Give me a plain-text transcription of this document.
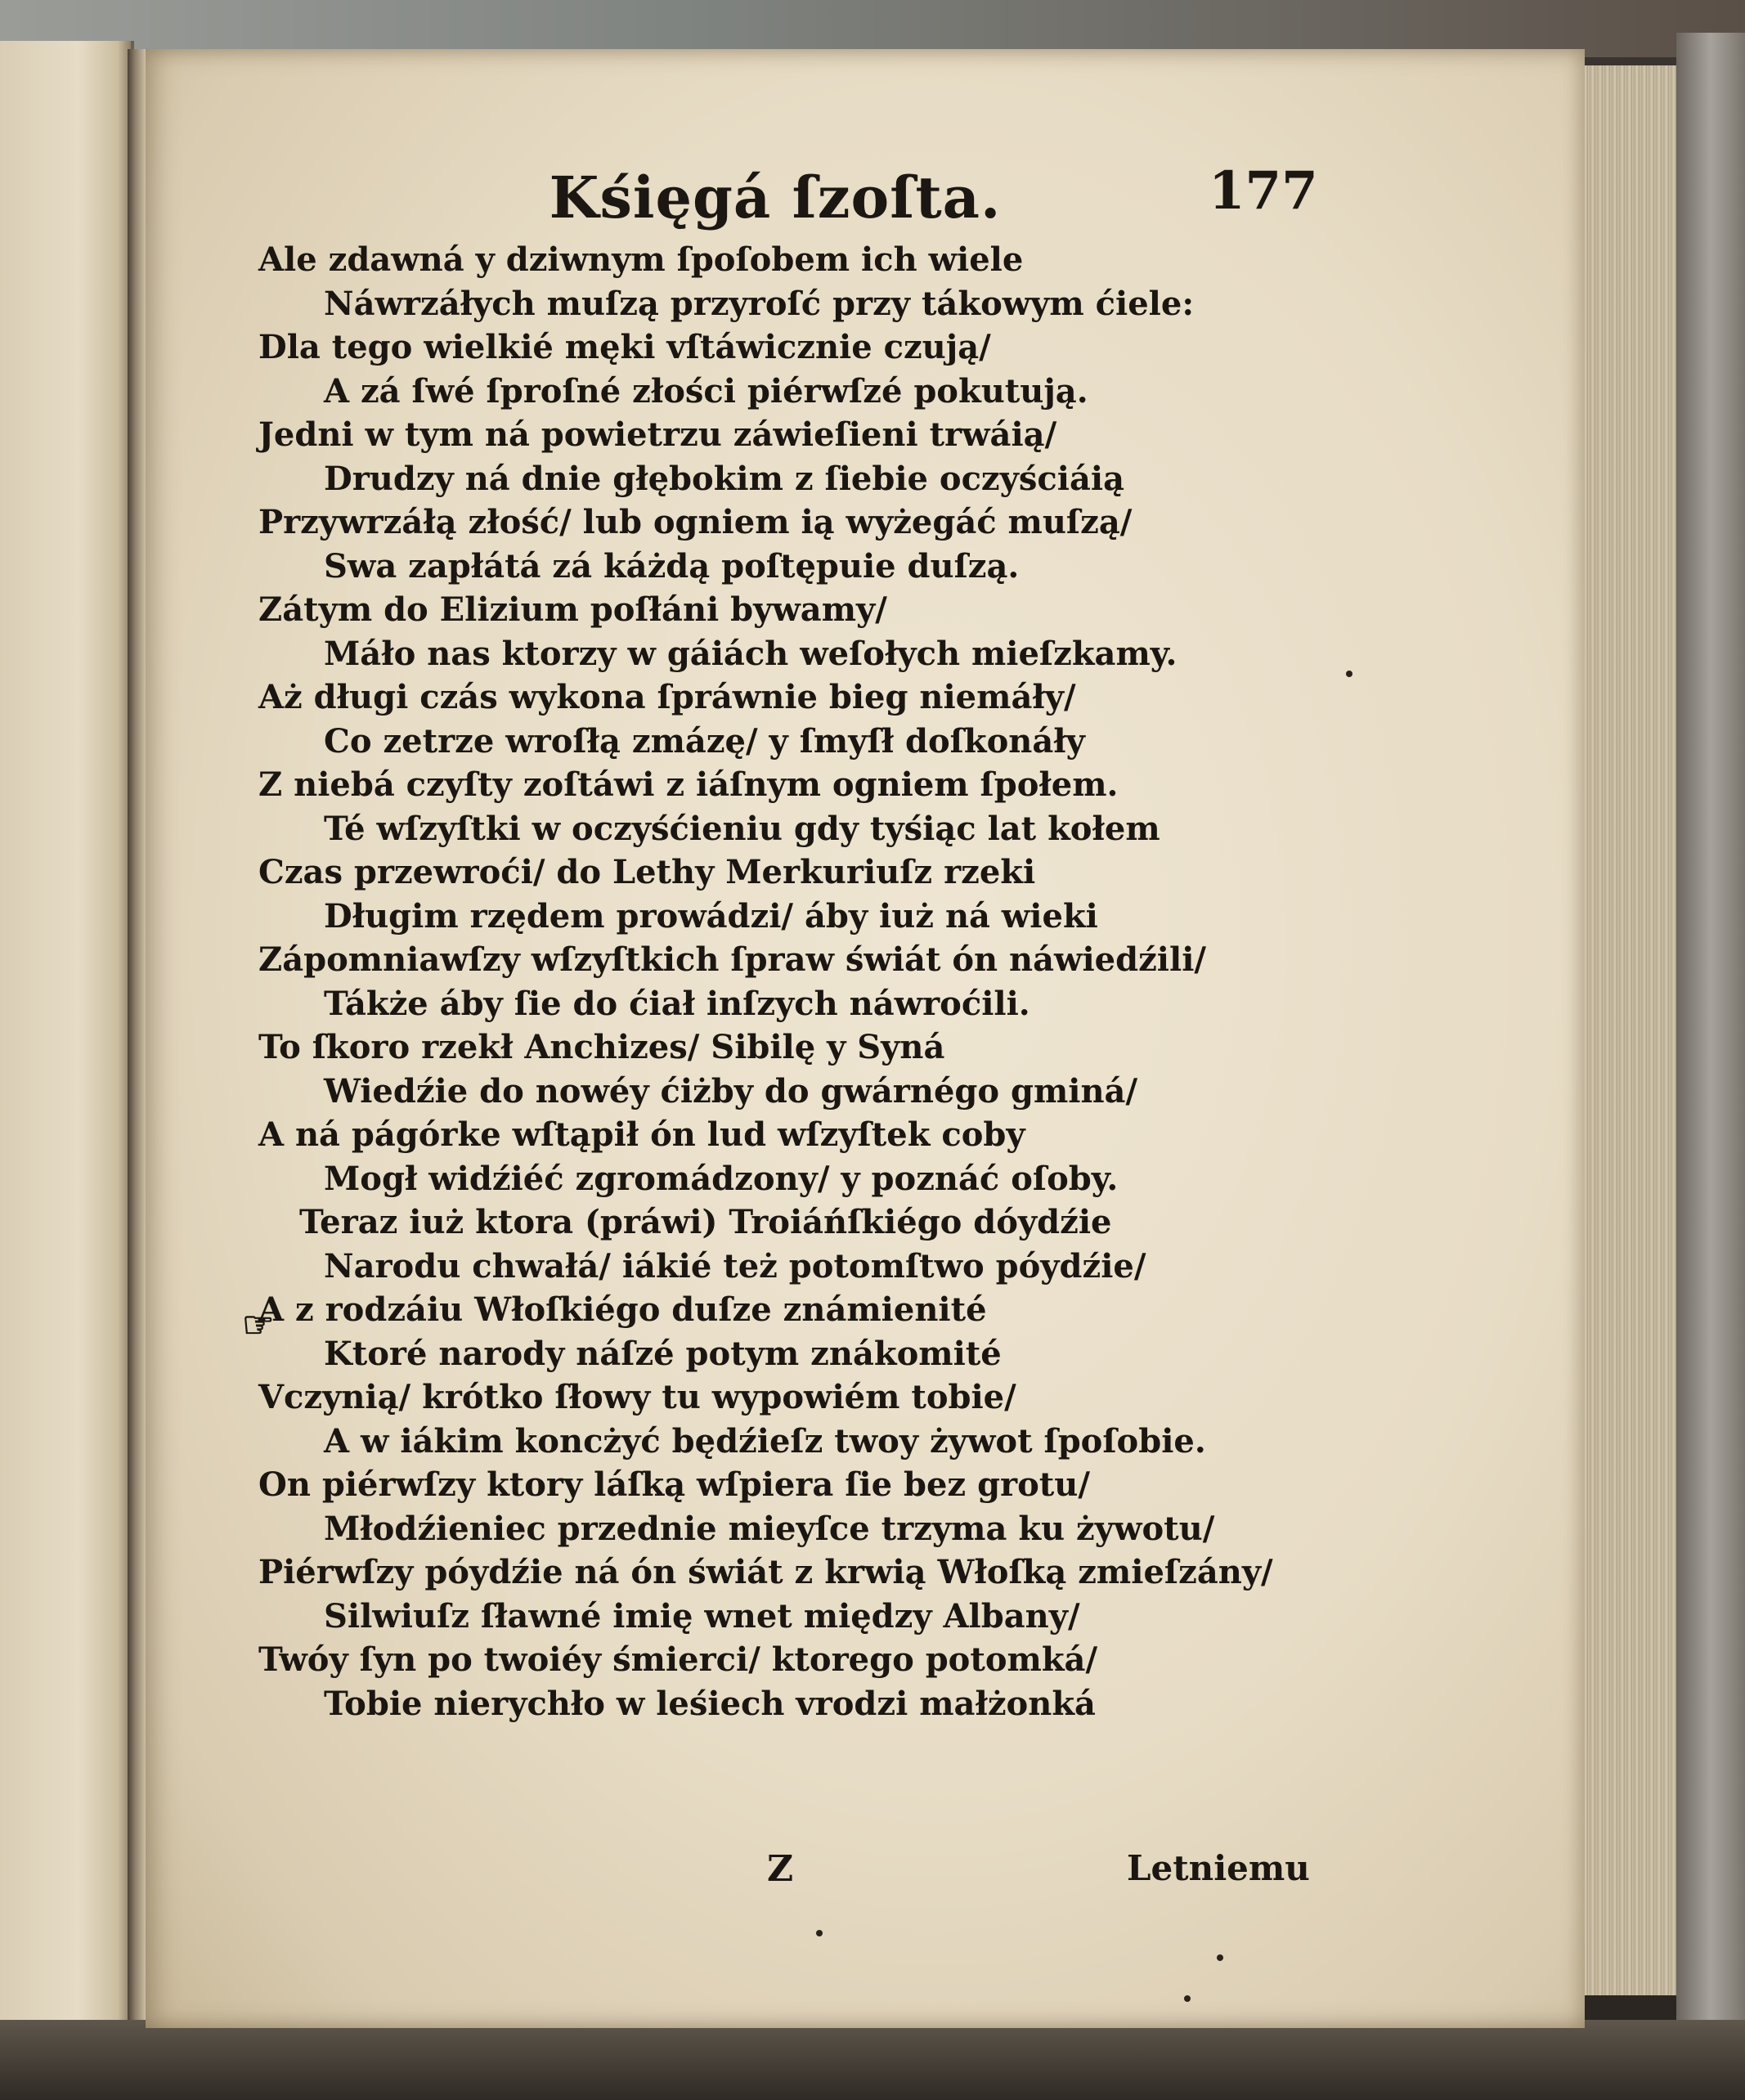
Kśięgá ſzoſta.	177
Ale zdawná y dziwnym ſpoſobem ich wiele
Náwrzáłych muſzą przyroſć przy tákowym ćiele:
Dla tego wielkié męki vſtáwicznie czują/
A zá ſwé ſproſné złości piérwſzé pokutują.
Jedni w tym ná powietrzu záwieſieni trwáią/
Drudzy ná dnie głębokim z ſiebie oczyściáią
Przywrzáłą złość/ lub ogniem ią wyżegáć muſzą/
Swa zapłátá zá káżdą poſtępuie duſzą.
Zátym do Elizium poſłáni bywamy/
Máło nas ktorzy w gáiách weſołych mieſzkamy.
Aż długi czás wykona ſpráwnie bieg niemáły/
Co zetrze wroſłą zmázę/ y ſmyſł doſkonáły
Z niebá czyſty zoſtáwi z iáſnym ogniem ſpołem.
Té wſzyſtki w oczyśćieniu gdy tyśiąc lat kołem
Czas przewroći/ do Lethy Merkuriuſz rzeki
Długim rzędem prowádzi/ áby iuż ná wieki
Zápomniawſzy wſzyſtkich ſpraw świát ón náwiedźili/
Tákże áby ſie do ćiał inſzych náwroćili.
To ſkoro rzekł Anchizes/ Sibilę y Syná
Wiedźie do nowéy ćiżby do gwárnégo gminá/
A ná págórke wſtąpił ón lud wſzyſtek coby
Mogł widźiéć zgromádzony/ y poznáć oſoby.
Teraz iuż ktora (práwi) Troiáńſkiégo dóydźie
Narodu chwałá/ iákié też potomſtwo póydźie/
A z rodzáiu Włoſkiégo duſze známienité
Ktoré narody náſzé potym znákomité
Vczynią/ krótko ſłowy tu wypowiém tobie/
A w iákim koncżyć będźieſz twoy żywot ſpoſobie.
On piérwſzy ktory láſką wſpiera ſie bez grotu/
Młodźieniec przednie mieyſce trzyma ku żywotu/
Piérwſzy póydźie ná ón świát z krwią Włoſką zmieſzány/
Silwiuſz ſławné imię wnet między Albany/
Twóy ſyn po twoiéy śmierci/ ktorego potomká/
Tobie nierychło w leśiech vrodzi małżonká
☞
Z	Letniemu
